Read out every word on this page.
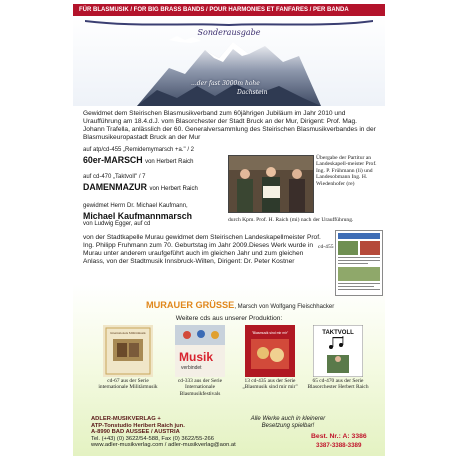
FÜR BLASMUSIK / FOR BIG BRASS BANDS / POUR HARMONIES ET FANFARES / PER BANDA
Sonderausgabe
...der fast 3000m hohe
Dachstein
Gewidmet dem Steirischen Blasmusikverband zum 60jährigen Jubiläum im Jahr 2010 und Uraufführung am 18.4.d.J. vom Blasorchester der Stadt Bruck an der Mur, Dirigent: Prof. Mag. Johann Trafella, anlässlich der 60. Generalversammlung des Steirischen Blasmusikverbandes in der Blasmusikeuropastadt Bruck an der Mur
auf atp/cd-455 „Remidemymarsch +a." / 2
60er-MARSCH von Herbert Raich
auf cd-470 „Taktvoll" / 7
DAMENMAZUR von Herbert Raich
gewidmet Herrn Dr. Michael Kaufmann,
Michael Kaufmannmarsch
von Ludwig Egger, auf cd
Übergabe der Partitur an Landeskapell-meister Prof. Ing. P. Frühmann (li) und Landesobmann Ing. H. Wiedenhofer (re)
durch Kpm. Prof. H. Raich (mi) nach der Uraufführung.
von der Stadtkapelle Murau gewidmet dem Steirischen Landeskapellmeister Prof. Ing. Philipp Fruhmann zum 70. Geburtstag im Jahr 2009.Dieses Werk wurde in Murau unter anderem uraufgeführt auch im gleichen Jahr und zum gleichen Anlass, von der Stadtmusik Innsbruck-Wilten, Dirigent: Dr. Peter Kostner
cd-455
MURAUER GRÜSSE, Marsch von Wolfgang Fleischhacker
Weitere cds aus unserer Produktion:
Internationale Militärmusik
cd-67 aus der Serie internationale Militärmusik
Musik
verbindet
cd-333 aus der Serie Internationale Blasmusikfestivals
"Blasmusik sind mir mir"
13 cd-435 aus der Serie „Blasmusik sind mir mir"
TAKTVOLL
65 cd-470 aus der Serie Blasorchester Herbert Raich
ADLER-MUSIKVERLAG +
ATP-Tonstudio Heribert Raich jun.
A-8990 BAD AUSSEE / AUSTRIA
Tel. (+43) (0) 3622/54-588, Fax (0) 3622/55-266
www.adler-musikverlag.com / adler-musikverlag@aon.at
Alle Werke auch in kleinerer Besetzung spielbar!
Best. Nr.: A: 3386
3387-3388-3389
